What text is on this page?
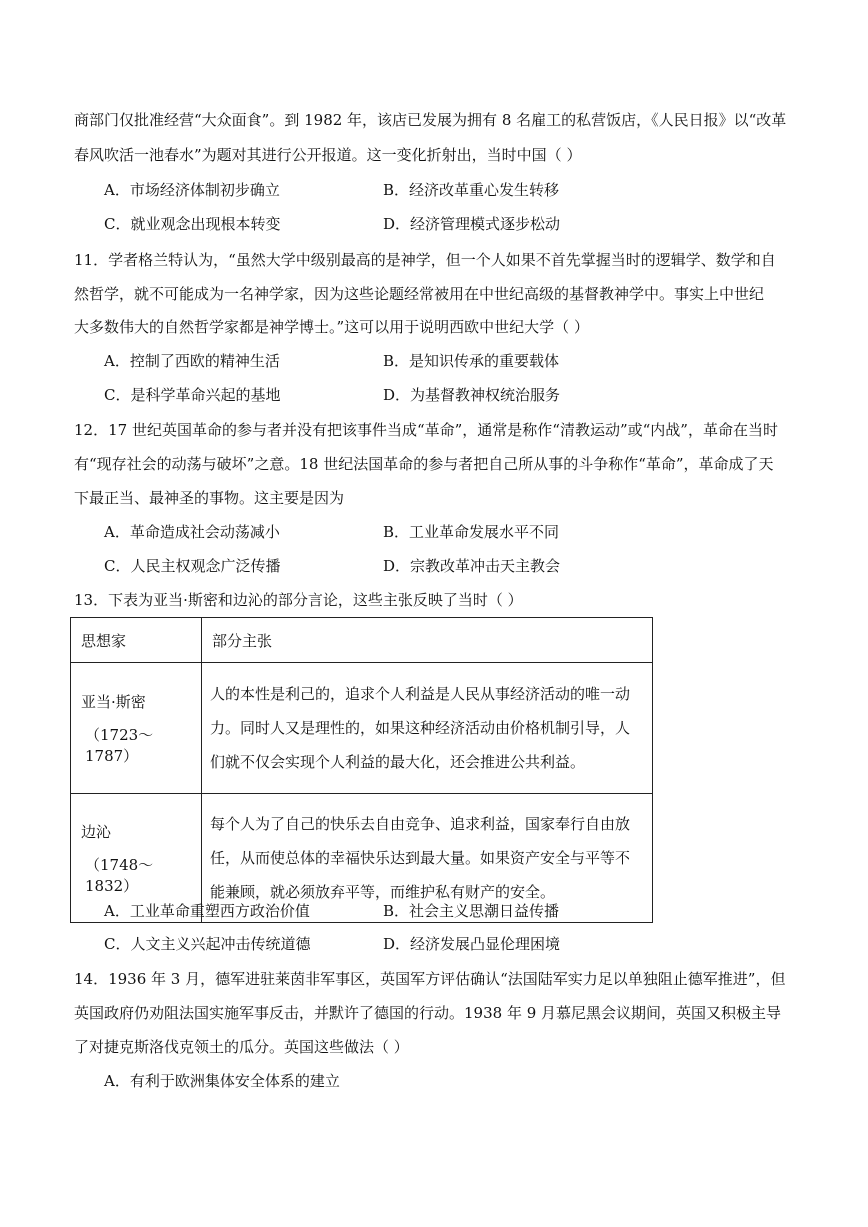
商部门仅批准经营“大众面食”。到 1982 年，该店已发展为拥有 8 名雇工的私营饭店，《人民日报》以“改革
春风吹活一池春水”为题对其进行公开报道。这一变化折射出，当时中国（ ）
A．市场经济体制初步确立	B．经济改革重心发生转移
C．就业观念出现根本转变	D．经济管理模式逐步松动
11．学者格兰特认为，“虽然大学中级别最高的是神学，但一个人如果不首先掌握当时的逻辑学、数学和自
然哲学，就不可能成为一名神学家，因为这些论题经常被用在中世纪高级的基督教神学中。事实上中世纪
大多数伟大的自然哲学家都是神学博士。”这可以用于说明西欧中世纪大学（ ）
A．控制了西欧的精神生活	B．是知识传承的重要载体
C．是科学革命兴起的基地	D．为基督教神权统治服务
12．17 世纪英国革命的参与者并没有把该事件当成“革命”，通常是称作“清教运动”或“内战”，革命在当时
有“现存社会的动荡与破坏”之意。18 世纪法国革命的参与者把自己所从事的斗争称作“革命”，革命成了天
下最正当、最神圣的事物。这主要是因为
A．革命造成社会动荡减小	B．工业革命发展水平不同
C．人民主权观念广泛传播	D．宗教改革冲击天主教会
13．下表为亚当·斯密和边沁的部分言论，这些主张反映了当时（ ）
思想家	部分主张
亚当·斯密
（1723～1787）	人的本性是利己的，追求个人利益是人民从事经济活动的唯一动力。同时人又是理性的，如果这种经济活动由价格机制引导，人们就不仅会实现个人利益的最大化，还会推进公共利益。
边沁
（1748～1832）	每个人为了自己的快乐去自由竞争、追求利益，国家奉行自由放任，从而使总体的幸福快乐达到最大量。如果资产安全与平等不能兼顾，就必须放弃平等，而维护私有财产的安全。
A．工业革命重塑西方政治价值	B．社会主义思潮日益传播
C．人文主义兴起冲击传统道德	D．经济发展凸显伦理困境
14．1936 年 3 月，德军进驻莱茵非军事区，英国军方评估确认“法国陆军实力足以单独阻止德军推进”，但
英国政府仍劝阻法国实施军事反击，并默许了德国的行动。1938 年 9 月慕尼黑会议期间，英国又积极主导
了对捷克斯洛伐克领土的瓜分。英国这些做法（ ）
A．有利于欧洲集体安全体系的建立
